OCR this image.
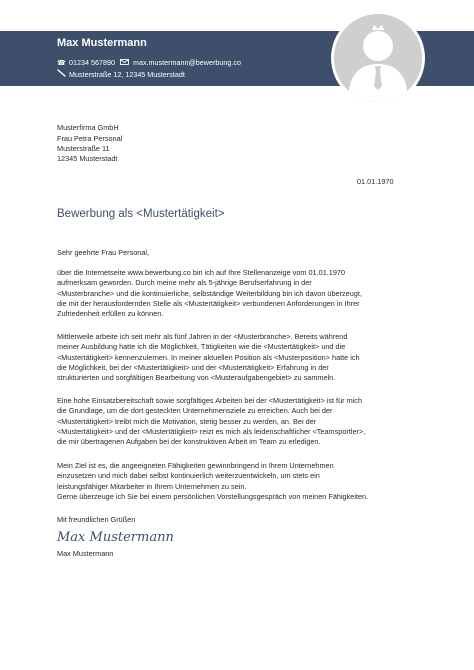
Max Mustermann
☎ 01234 567890	max.mustermann@bewerbung.co
Musterstraße 12, 12345 Musterstadt
Musterfirma GmbH
Frau Petra Personal
Musterstraße 11
12345 Musterstadt
01.01.1970
Bewerbung als <Mustertätigkeit>
Sehr geehrte Frau Personal,
über die Internetseite www.bewerbung.co bin ich auf Ihre Stellenanzeige vom 01.01.1970
aufmerksam geworden. Durch meine mehr als 5-jährige Berufserfahrung in der
<Musterbranche> und die kontinuierliche, selbständige Weiterbildung bin ich davon überzeugt,
die mit der herausfordernden Stelle als <Mustertätigkeit> verbundenen Anforderungen in Ihrer
Zufriedenheit erfüllen zu können.
Mittlerweile arbeite ich seit mehr als fünf Jahren in der <Musterbranche>. Bereits während
meiner Ausbildung hatte ich die Möglichkeit, Tätigkeiten wie die <Mustertätigkeit> und die
<Mustertätigkeit> kennenzulernen. In meiner aktuellen Position als <Musterposition> hatte ich
die Möglichkeit, bei der <Mustertätigkeit> und der <Mustertätigkeit> Erfahrung in der
strukturierten und sorgfältigen Bearbeitung von <Musteraufgabengebiet> zu sammeln.
Eine hohe Einsatzbereitschaft sowie sorgfältiges Arbeiten bei der <Mustertätigkeit> ist für mich
die Grundlage, um die dort gesteckten Unternehmensziele zu erreichen. Auch bei der
<Mustertätigkeit> treibt mich die Motivation, stetig besser zu werden, an. Bei der
<Mustertätigkeit> und der <Mustertätigkeit> reizt es mich als leidenschaftlicher <Teamsportler>,
die mir übertragenen Aufgaben bei der konstruktiven Arbeit im Team zu erledigen.
Mein Ziel ist es, die angeeigneten Fähigkeiten gewinnbringend in Ihrem Unternehmen
einzusetzen und mich dabei selbst kontinuierlich weiterzuentwickeln, um stets ein
leistungsfähiger Mitarbeiter in Ihrem Unternehmen zu sein.
Gerne überzeuge ich Sie bei einem persönlichen Vorstellungsgespräch von meinen Fähigkeiten.
Mit freundlichen Grüßen
Max Mustermann
Max Mustermann
